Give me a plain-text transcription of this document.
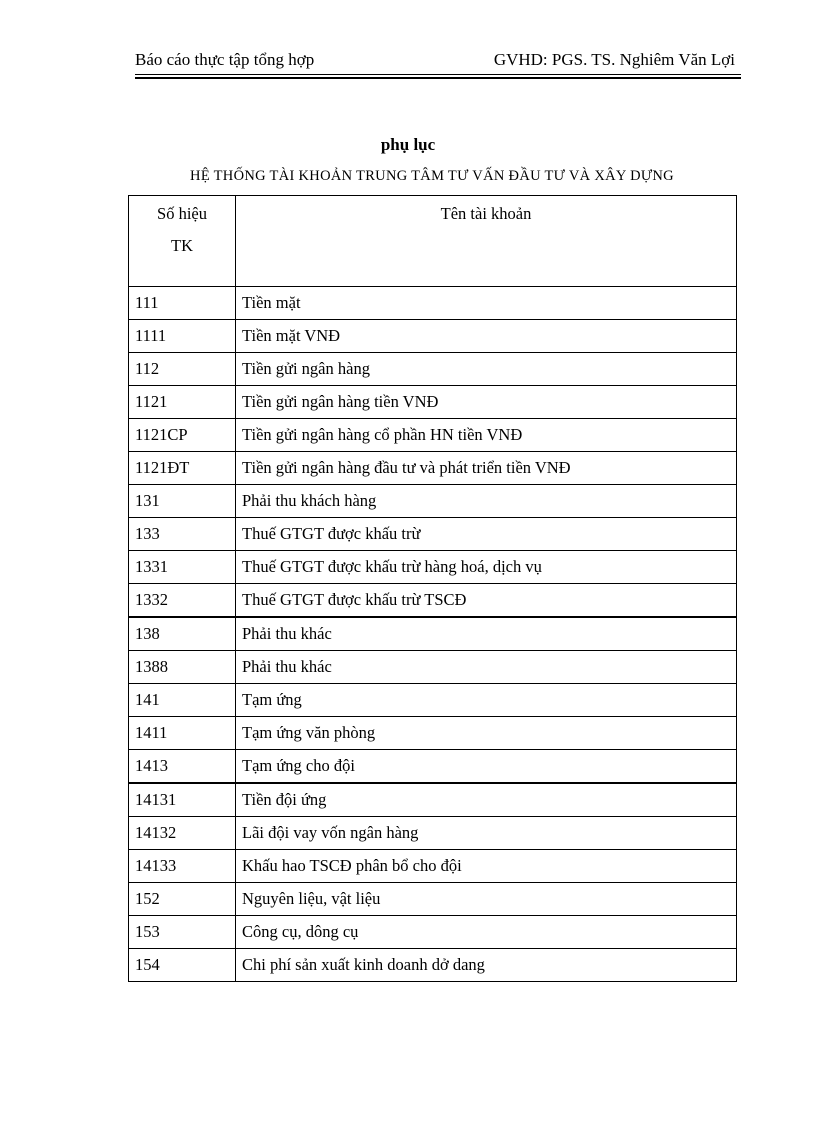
Báo cáo thực tập tổng hợp	GVHD: PGS. TS. Nghiêm Văn Lợi
phụ lục
HỆ THỐNG TÀI KHOẢN TRUNG TÂM TƯ VẤN ĐẦU TƯ VÀ XÂY DỰNG
Số hiệu
TK	Tên tài khoản
111	Tiền mặt
1111	Tiền mặt VNĐ
112	Tiền gửi ngân hàng
1121	Tiền gửi ngân hàng tiền VNĐ
1121CP	Tiền gửi ngân hàng cổ phần HN tiền VNĐ
1121ĐT	Tiền gửi ngân hàng đầu tư và phát triển tiền VNĐ
131	Phải thu khách hàng
133	Thuế GTGT được khấu trừ
1331	Thuế GTGT được khấu trừ hàng hoá, dịch vụ
1332	Thuế GTGT được khấu trừ TSCĐ
138	Phải thu khác
1388	Phải thu khác
141	Tạm ứng
1411	Tạm ứng văn phòng
1413	Tạm ứng cho đội
14131	Tiền đội ứng
14132	Lãi đội vay vốn ngân hàng
14133	Khấu hao TSCĐ phân bổ cho đội
152	Nguyên liệu, vật liệu
153	Công cụ, dông cụ
154	Chi phí sản xuất kinh doanh dở dang
